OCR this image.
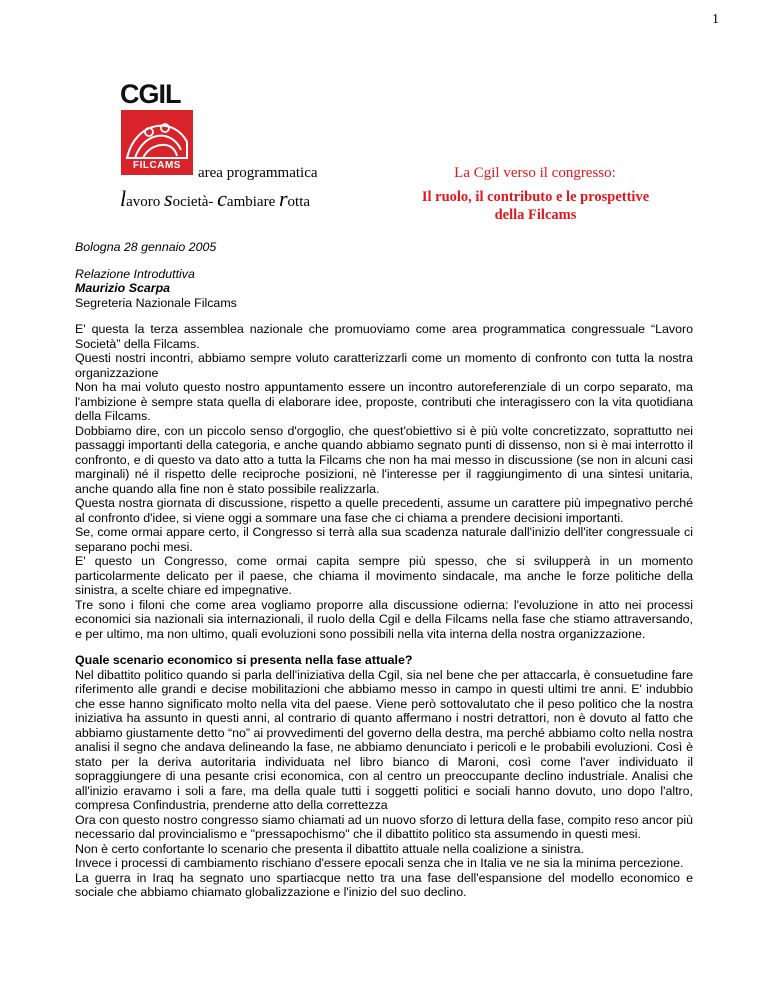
1
CGIL
FILCAMS	area programmatica
lavoro società- cambiare rotta
La Cgil verso il congresso:
Il ruolo, il contributo e le prospettive
della Filcams

Bologna 28 gennaio 2005

Relazione Introduttiva

Maurizio Scarpa

Segreteria Nazionale Filcams

E' questa la terza assemblea nazionale che promuoviamo come area programmatica congressuale “Lavoro Società” della Filcams.

Questi nostri incontri, abbiamo sempre voluto caratterizzarli come un momento di confronto con tutta la nostra organizzazione

Non ha mai voluto questo nostro appuntamento essere un incontro autoreferenziale di un corpo separato, ma l'ambizione è sempre stata quella di elaborare idee, proposte, contributi che interagissero con la vita quotidiana della Filcams.

Dobbiamo dire, con un piccolo senso d'orgoglio, che quest'obiettivo si è più volte concretizzato, soprattutto nei passaggi importanti della categoria, e anche quando abbiamo segnato punti di dissenso, non si è mai interrotto il confronto, e di questo va dato atto a tutta la Filcams che non ha mai messo in discussione (se non in alcuni casi marginali) né il rispetto delle reciproche posizioni, nè l'interesse per il raggiungimento di una sintesi unitaria, anche quando alla fine non è stato possibile realizzarla.

Questa nostra giornata di discussione, rispetto a quelle precedenti, assume un carattere più impegnativo perché al confronto d'idee, si viene oggi a sommare una fase che ci chiama a prendere decisioni importanti.

Se, come ormai appare certo, il Congresso si terrà alla sua scadenza naturale dall'inizio dell'iter congressuale ci separano pochi mesi.

E' questo un Congresso, come ormai capita sempre più spesso, che si svilupperà in un momento particolarmente delicato per il paese, che chiama il movimento sindacale, ma anche le forze politiche della sinistra, a scelte chiare ed impegnative.

Tre sono i filoni che come area vogliamo proporre alla discussione odierna: l'evoluzione in atto nei processi economici sia nazionali sia internazionali, il ruolo della Cgil e della Filcams nella fase che stiamo attraversando, e per ultimo, ma non ultimo, quali evoluzioni sono possibili nella vita interna della nostra organizzazione.

Quale scenario economico si presenta nella fase attuale?

Nel dibattito politico quando si parla dell'iniziativa della Cgil, sia nel bene che per attaccarla, è consuetudine fare riferimento alle grandi e decise mobilitazioni che abbiamo messo in campo in questi ultimi tre anni. E' indubbio che esse hanno significato molto nella vita del paese. Viene però sottovalutato che il peso politico che la nostra iniziativa ha assunto in questi anni, al contrario di quanto affermano i nostri detrattori, non è dovuto al fatto che abbiamo giustamente detto “no” ai provvedimenti del governo della destra, ma perché abbiamo colto nella nostra analisi il segno che andava delineando la fase, ne abbiamo denunciato i pericoli e le probabili evoluzioni. Così è stato per la deriva autoritaria individuata nel libro bianco di Maroni, così come l'aver individuato il sopraggiungere di una pesante crisi economica, con al centro un preoccupante declino industriale. Analisi che all'inizio eravamo i soli a fare, ma della quale tutti i soggetti politici e sociali hanno dovuto, uno dopo l'altro, compresa Confindustria, prenderne atto della correttezza

Ora con questo nostro congresso siamo chiamati ad un nuovo sforzo di lettura della fase, compito reso ancor più necessario dal provincialismo e "pressapochismo" che il dibattito politico sta assumendo in questi mesi.

Non è certo confortante lo scenario che presenta il dibattito attuale nella coalizione a sinistra.

Invece i processi di cambiamento rischiano d'essere epocali senza che in Italia ve ne sia la minima percezione.

La guerra in Iraq ha segnato uno spartiacque netto tra una fase dell'espansione del modello economico e sociale che abbiamo chiamato globalizzazione e l'inizio del suo declino.
